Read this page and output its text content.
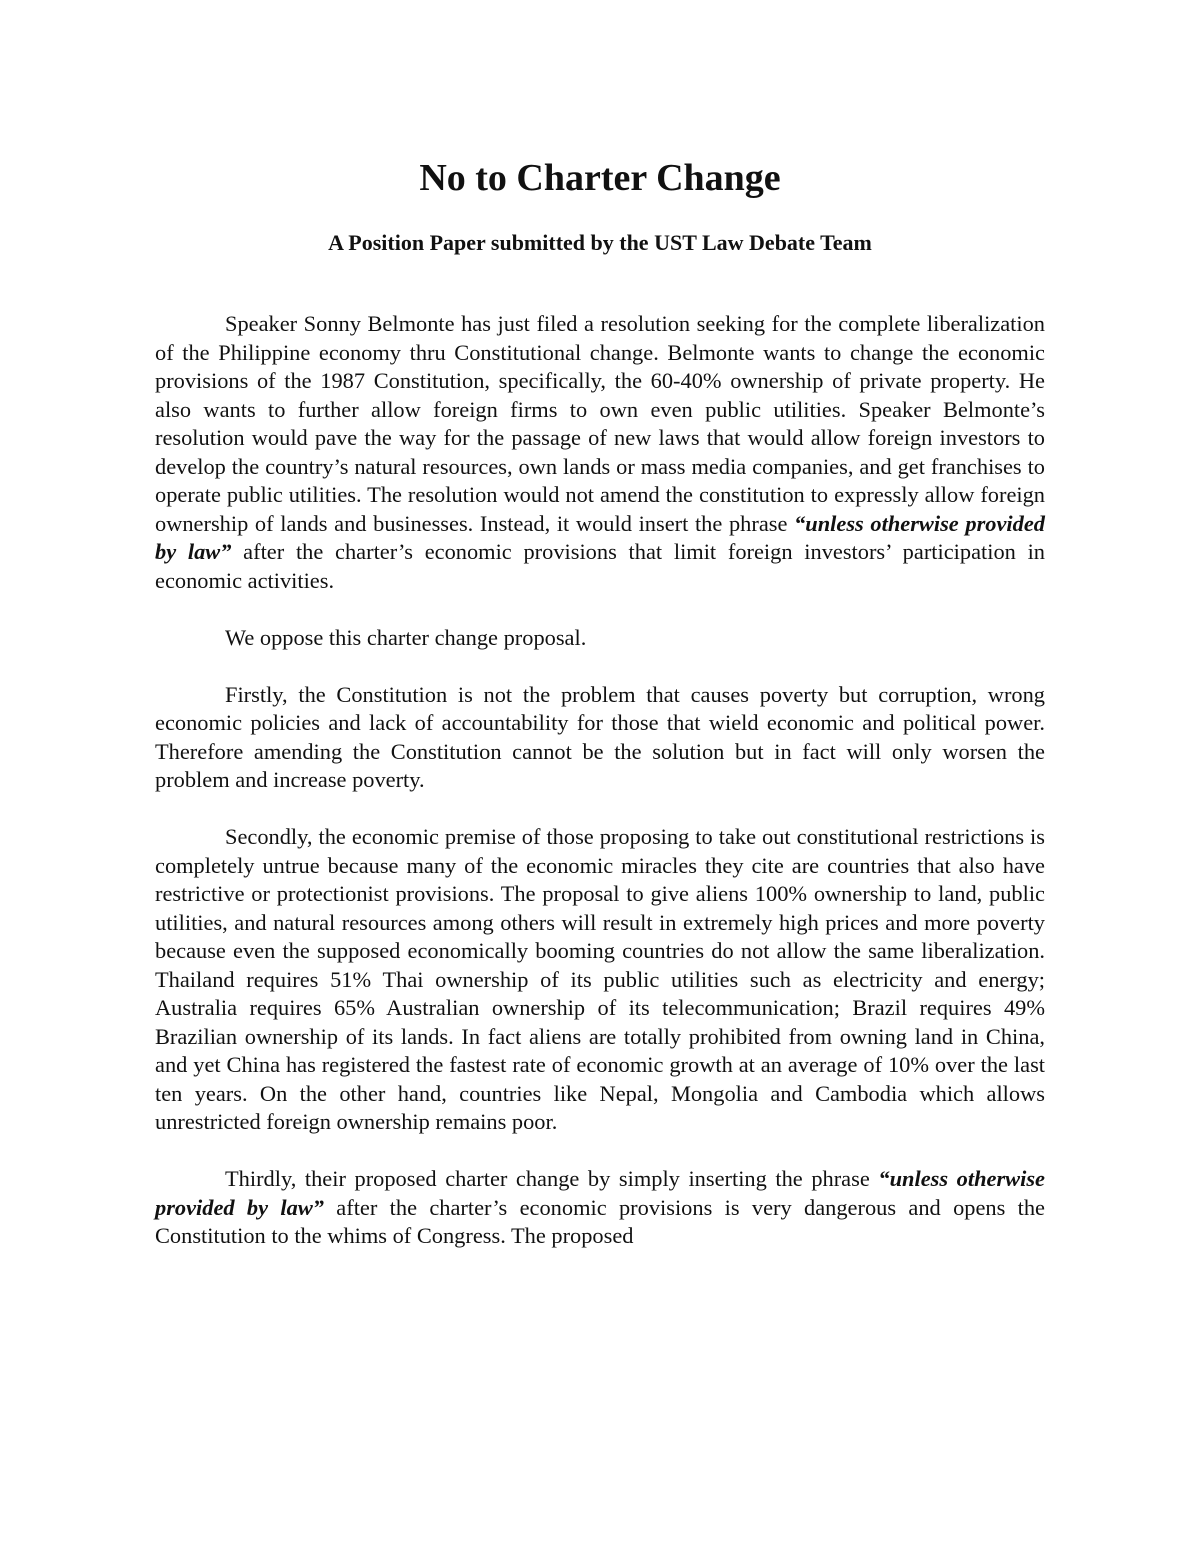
No to Charter Change
A Position Paper submitted by the UST Law Debate Team

Speaker Sonny Belmonte has just filed a resolution seeking for the complete liberalization of the Philippine economy thru Constitutional change. Belmonte wants to change the economic provisions of the 1987 Constitution, specifically, the 60-40% ownership of private property. He also wants to further allow foreign firms to own even public utilities. Speaker Belmonte’s resolution would pave the way for the passage of new laws that would allow foreign investors to develop the country’s natural resources, own lands or mass media companies, and get franchises to operate public utilities. The resolution would not amend the constitution to expressly allow foreign ownership of lands and businesses. Instead, it would insert the phrase “unless otherwise provided by law” after the charter’s economic provisions that limit foreign investors’ participation in economic activities.

We oppose this charter change proposal.

Firstly, the Constitution is not the problem that causes poverty but corruption, wrong economic policies and lack of accountability for those that wield economic and political power. Therefore amending the Constitution cannot be the solution but in fact will only worsen the problem and increase poverty.

Secondly, the economic premise of those proposing to take out constitutional restrictions is completely untrue because many of the economic miracles they cite are countries that also have restrictive or protectionist provisions. The proposal to give aliens 100% ownership to land, public utilities, and natural resources among others will result in extremely high prices and more poverty because even the supposed economically booming countries do not allow the same liberalization. Thailand requires 51% Thai ownership of its public utilities such as electricity and energy; Australia requires 65% Australian ownership of its telecommunication; Brazil requires 49% Brazilian ownership of its lands. In fact aliens are totally prohibited from owning land in China, and yet China has registered the fastest rate of economic growth at an average of 10% over the last ten years. On the other hand, countries like Nepal, Mongolia and Cambodia which allows unrestricted foreign ownership remains poor.

Thirdly, their proposed charter change by simply inserting the phrase “unless otherwise provided by law” after the charter’s economic provisions is very dangerous and opens the Constitution to the whims of Congress. The proposed
